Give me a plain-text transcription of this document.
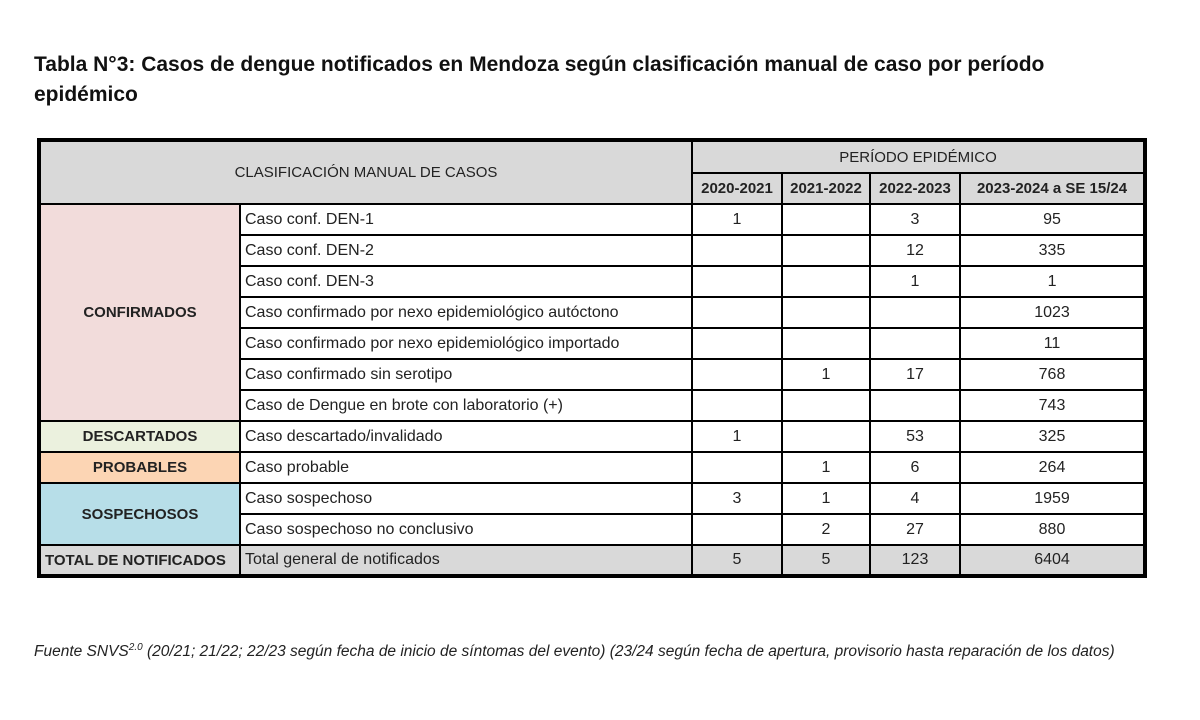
Tabla N°3: Casos de dengue notificados en Mendoza según clasificación manual de caso por período epidémico
CLASIFICACIÓN MANUAL DE CASOS		PERÍODO EPIDÉMICO			
		2020-2021	2021-2022	2022-2023	2023-2024 a SE 15/24
CONFIRMADOS	Caso conf. DEN-1	1		3	95
	Caso conf. DEN-2			12	335
	Caso conf. DEN-3			1	1
	Caso confirmado por nexo epidemiológico autóctono				1023
	Caso confirmado por nexo epidemiológico importado				11
	Caso confirmado sin serotipo		1	17	768
	Caso de Dengue en brote con laboratorio (+)				743
DESCARTADOS	Caso descartado/invalidado	1		53	325
PROBABLES	Caso probable		1	6	264
SOSPECHOSOS	Caso sospechoso	3	1	4	1959
	Caso sospechoso no conclusivo		2	27	880
TOTAL DE NOTIFICADOS	Total general de notificados	5	5	123	6404
Fuente $SNVS^{2.0}$ (20/21; 21/22; 22/23 según fecha de inicio de síntomas del evento) (23/24 según fecha de apertura, provisorio hasta reparación de los datos)
